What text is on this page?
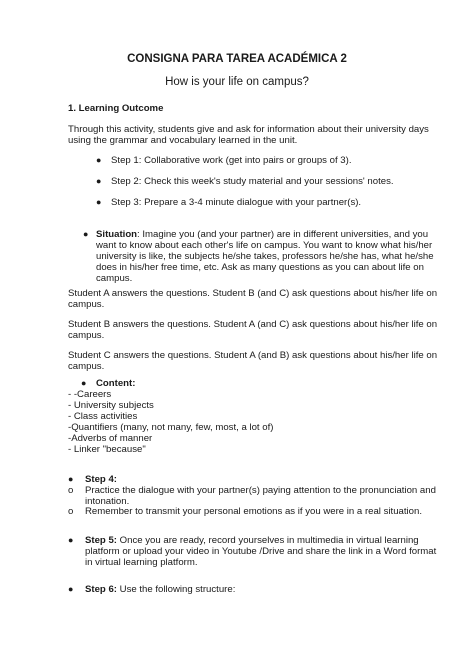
CONSIGNA PARA TAREA ACADÉMICA 2
How is your life on campus?
1. Learning Outcome
Through this activity, students give and ask for information about their university days
using the grammar and vocabulary learned in the unit.
● Step 1: Collaborative work (get into pairs or groups of 3).
● Step 2: Check this week's study material and your sessions' notes.
● Step 3: Prepare a 3-4 minute dialogue with your partner(s).
● Situation: Imagine you (and your partner) are in different universities, and you
want to know about each other's life on campus. You want to know what his/her
university is like, the subjects he/she takes, professors he/she has, what he/she
does in his/her free time, etc. Ask as many questions as you can about life on
campus.
Student A answers the questions. Student B (and C) ask questions about his/her life on
campus.
Student B answers the questions. Student A (and C) ask questions about his/her life on
campus.
Student C answers the questions. Student A (and B) ask questions about his/her life on
campus.
● Content:
- -Careers
- University subjects
- Class activities
-Quantifiers (many, not many, few, most, a lot of)
-Adverbs of manner
- Linker "because"
● Step 4:
o Practice the dialogue with your partner(s) paying attention to the pronunciation and
intonation.
o Remember to transmit your personal emotions as if you were in a real situation.
● Step 5: Once you are ready, record yourselves in multimedia in virtual learning
platform or upload your video in Youtube /Drive and share the link in a Word format
in virtual learning platform.
● Step 6: Use the following structure:
